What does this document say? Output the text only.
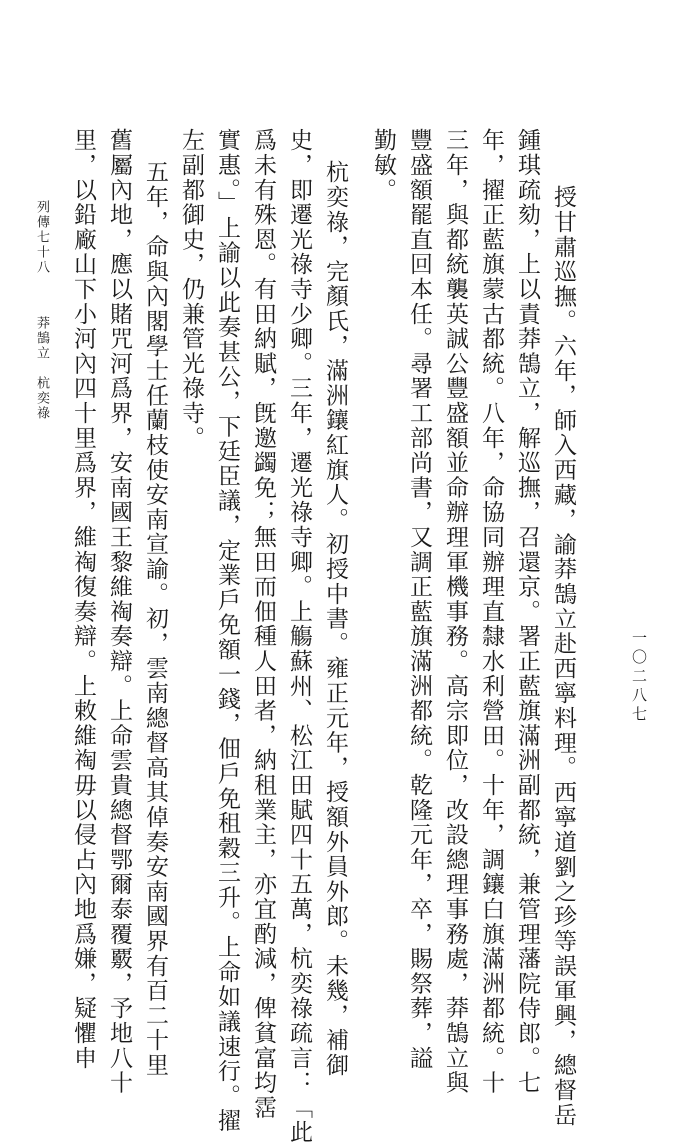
一〇二八七
授甘肅巡撫。六年，師入西藏，諭莽鵠立赴西寧料理。西寧道劉之珍等誤軍興，總督岳
鍾琪疏劾，上以責莽鵠立，解巡撫，召還京。署正藍旗滿洲副都統，兼管理藩院侍郎。七
年，擢正藍旗蒙古都統。八年，命協同辦理直隸水利營田。十年，調鑲白旗滿洲都統。十
三年，與都統襲英誠公豐盛額並命辦理軍機事務。高宗即位，改設總理事務處，莽鵠立與
豐盛額罷直回本任。尋署工部尚書，又調正藍旗滿洲都統。乾隆元年，卒，賜祭葬，謚
勤敏。
杭奕祿，完顏氏，滿洲鑲紅旗人。初授中書。雍正元年，授額外員外郎。未幾，補御
史，即遷光祿寺少卿。三年，遷光祿寺卿。上觴蘇州、松江田賦四十五萬，杭奕祿疏言：「此
爲未有殊恩。有田納賦，旣邀蠲免；無田而佃種人田者，納租業主，亦宜酌減，俾貧富均霑
實惠。」上諭以此奏甚公，下廷臣議，定業戶免額一錢，佃戶免租穀三升。上命如議速行。擢
左副都御史，仍兼管光祿寺。
五年，命與內閣學士任蘭枝使安南宣諭。初，雲南總督高其倬奏安南國界有百二十里
舊屬內地，應以賭咒河爲界，安南國王黎維祹奏辯。上命雲貴總督鄂爾泰覆覈，予地八十
里，以鉛廠山下小河內四十里爲界，維祹復奏辯。上敕維祹毋以侵占內地爲嫌，疑懼申
列傳七十八
莽鵠立　杭奕祿
